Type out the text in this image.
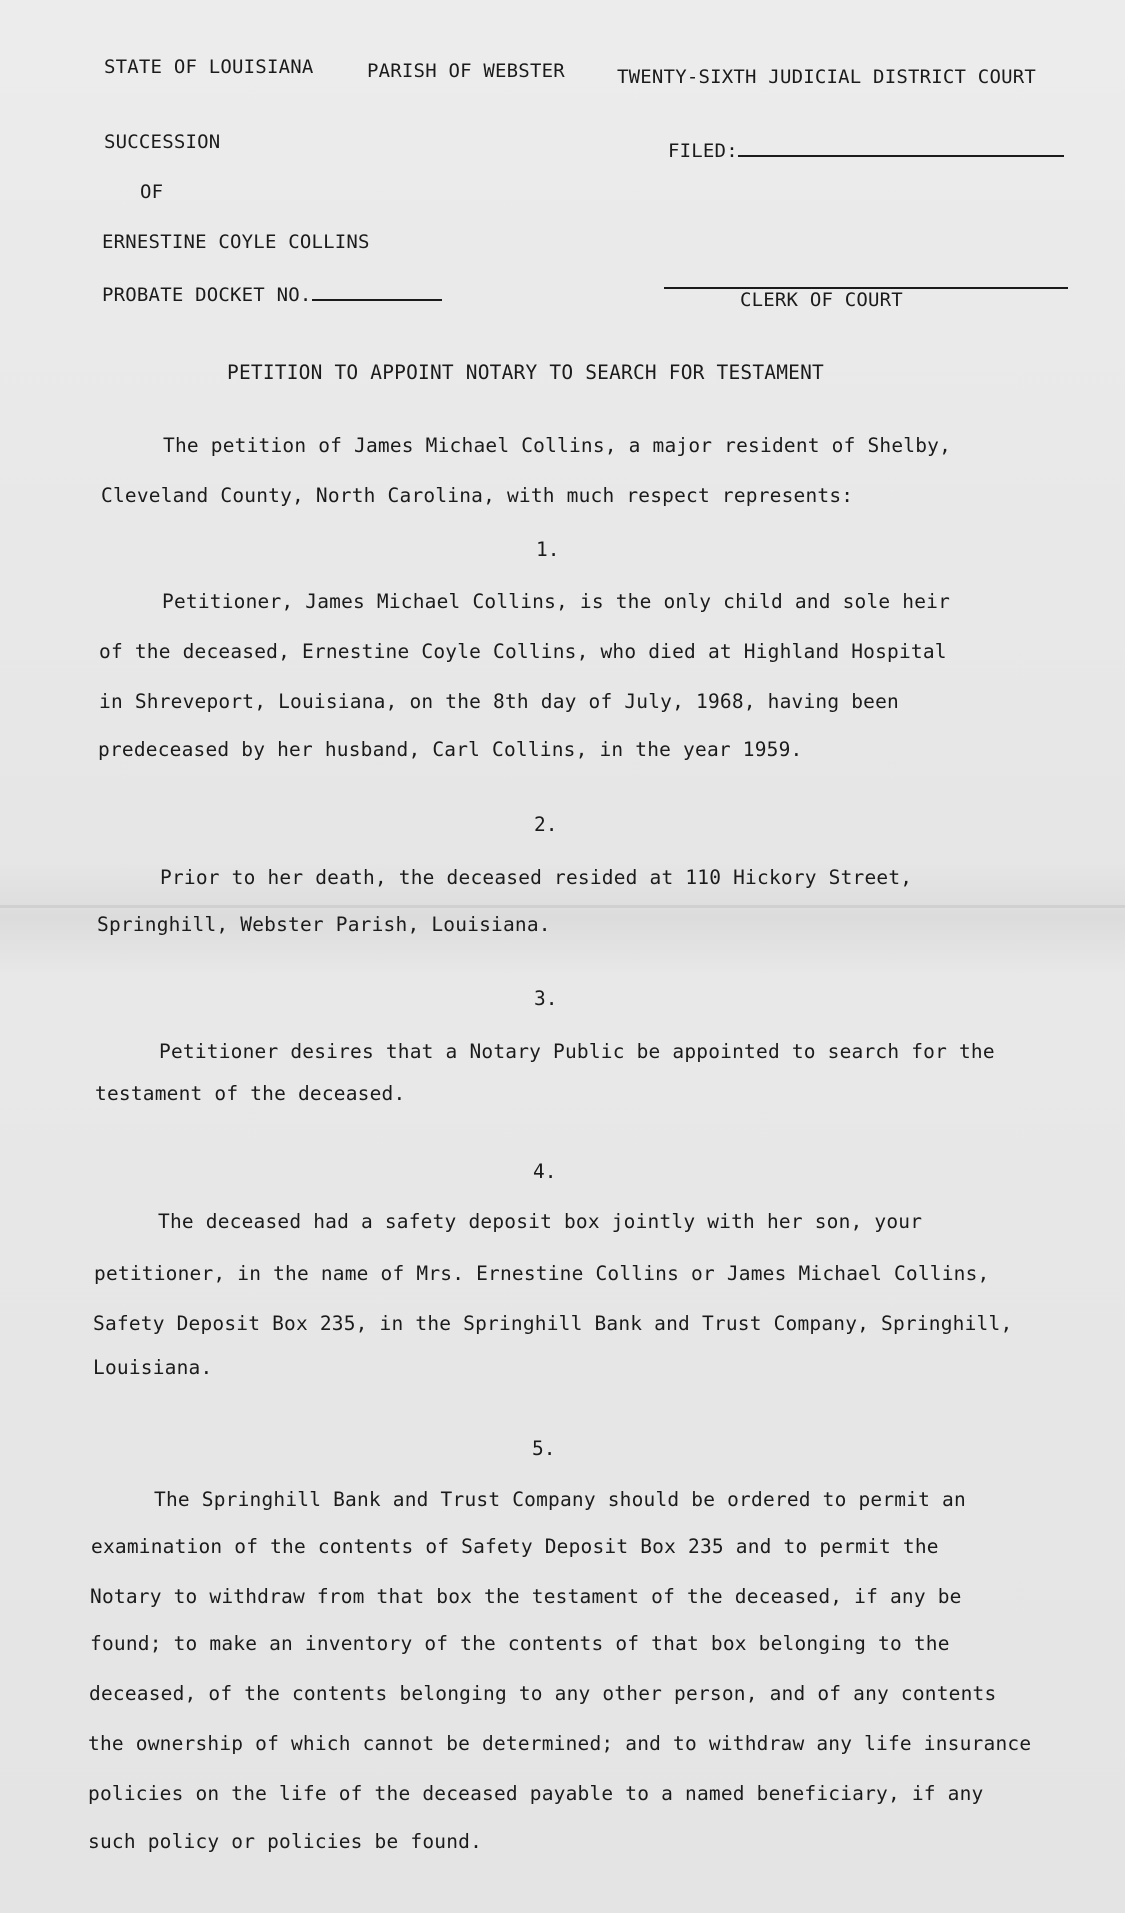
STATE OF LOUISIANA	PARISH OF WEBSTER	TWENTY-SIXTH JUDICIAL DISTRICT COURT
SUCCESSION
OF
ERNESTINE COYLE COLLINS
PROBATE DOCKET NO.
FILED:
CLERK OF COURT
PETITION TO APPOINT NOTARY TO SEARCH FOR TESTAMENT
The petition of James Michael Collins, a major resident of Shelby,
Cleveland County, North Carolina, with much respect represents:
1.
Petitioner, James Michael Collins, is the only child and sole heir
of the deceased, Ernestine Coyle Collins, who died at Highland Hospital
in Shreveport, Louisiana, on the 8th day of July, 1968, having been
predeceased by her husband, Carl Collins, in the year 1959.
2.
Prior to her death, the deceased resided at 110 Hickory Street,
Springhill, Webster Parish, Louisiana.
3.
Petitioner desires that a Notary Public be appointed to search for the
testament of the deceased.
4.
The deceased had a safety deposit box jointly with her son, your
petitioner, in the name of Mrs. Ernestine Collins or James Michael Collins,
Safety Deposit Box 235, in the Springhill Bank and Trust Company, Springhill,
Louisiana.
5.
The Springhill Bank and Trust Company should be ordered to permit an
examination of the contents of Safety Deposit Box 235 and to permit the
Notary to withdraw from that box the testament of the deceased, if any be
found; to make an inventory of the contents of that box belonging to the
deceased, of the contents belonging to any other person, and of any contents
the ownership of which cannot be determined; and to withdraw any life insurance
policies on the life of the deceased payable to a named beneficiary, if any
such policy or policies be found.
